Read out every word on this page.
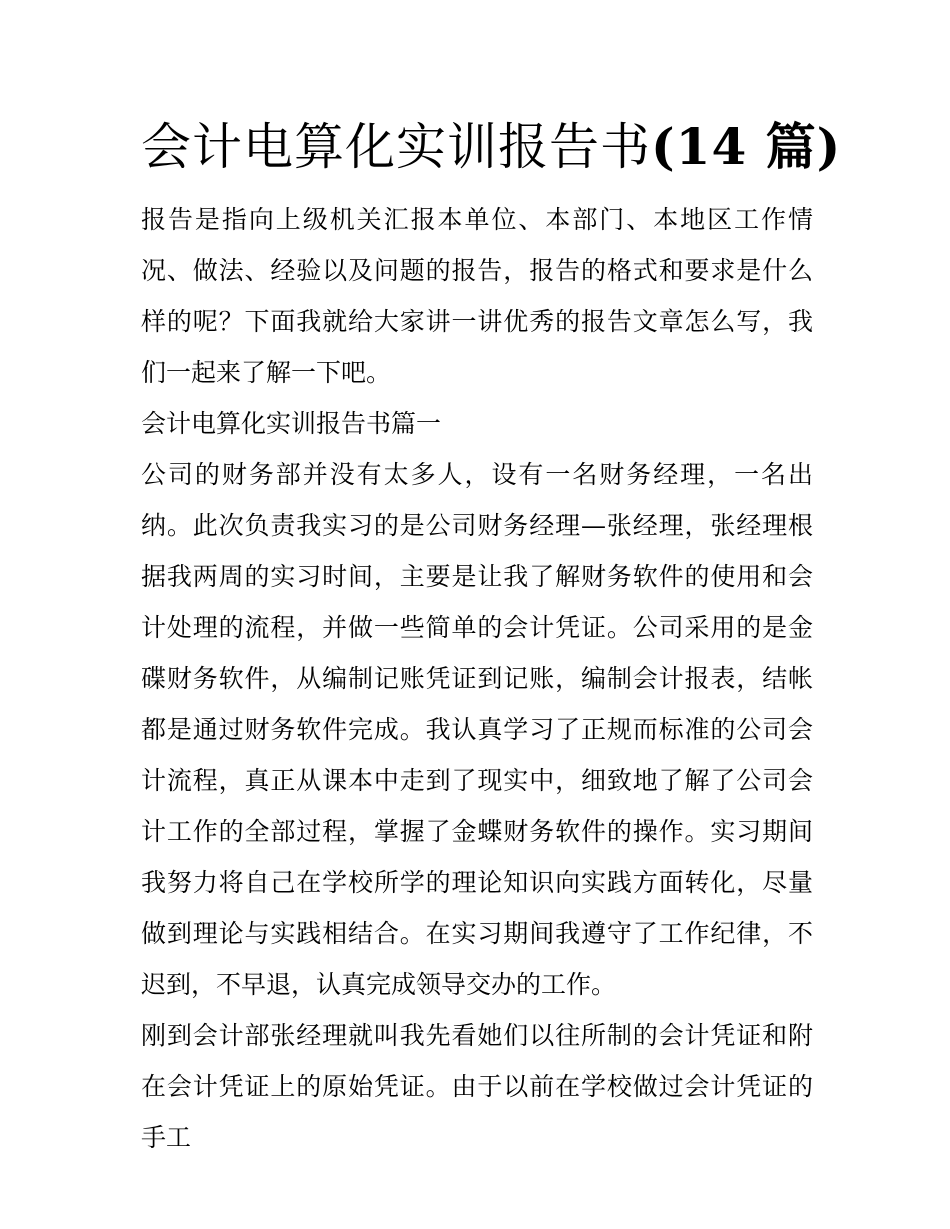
会计电算化实训报告书(14 篇)

报告是指向上级机关汇报本单位、本部门、本地区工作情况、做法、经验以及问题的报告，报告的格式和要求是什么样的呢？下面我就给大家讲一讲优秀的报告文章怎么写，我们一起来了解一下吧。

会计电算化实训报告书篇一

公司的财务部并没有太多人，设有一名财务经理，一名出纳。此次负责我实习的是公司财务经理—张经理，张经理根据我两周的实习时间，主要是让我了解财务软件的使用和会计处理的流程，并做一些简单的会计凭证。公司采用的是金碟财务软件，从编制记账凭证到记账，编制会计报表，结帐都是通过财务软件完成。我认真学习了正规而标准的公司会计流程，真正从课本中走到了现实中，细致地了解了公司会计工作的全部过程，掌握了金蝶财务软件的操作。实习期间我努力将自己在学校所学的理论知识向实践方面转化，尽量做到理论与实践相结合。在实习期间我遵守了工作纪律，不迟到，不早退，认真完成领导交办的工作。

刚到会计部张经理就叫我先看她们以往所制的会计凭证和附在会计凭证上的原始凭证。由于以前在学校做过会计凭证的手工
